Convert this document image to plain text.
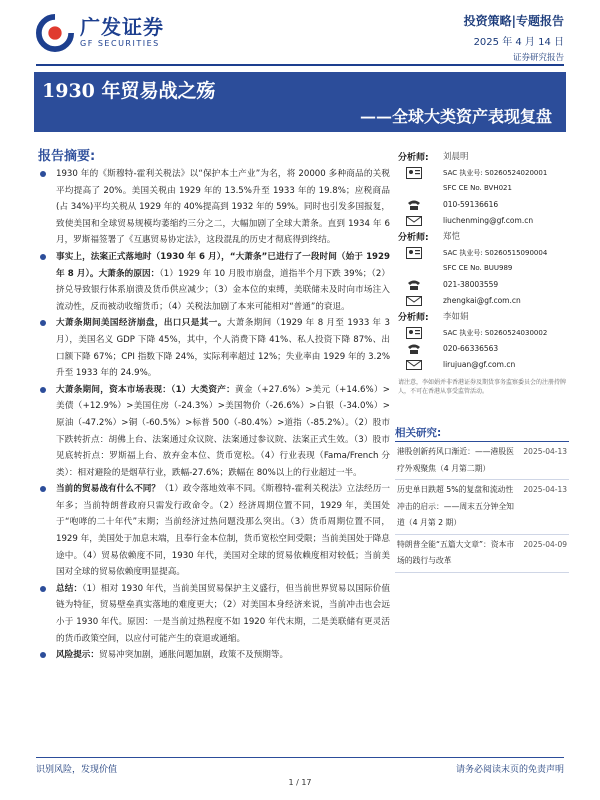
广发证券
GF SECURITIES
投资策略|专题报告
2025 年 4 月 14 日
证券研究报告
1930 年贸易战之殇
——全球大类资产表现复盘
报告摘要:
1930 年的《斯穆特-霍利关税法》以“保护本土产业”为名，将 20000 多种商品的关税平均提高了 20%。美国关税由 1929 年的 13.5%升至 1933 年的 19.8%；应税商品(占 34%)平均关税从 1929 年的 40%提高到 1932 年的 59%。同时也引发多国报复，致使美国和全球贸易规模均萎缩约三分之二，大幅加剧了全球大萧条。直到 1934 年 6 月，罗斯福签署了《互惠贸易协定法》，这段混乱的历史才彻底得到终结。
事实上，法案正式落地时（1930 年 6 月），“大萧条”已进行了一段时间（始于 1929 年 8 月）。大萧条的原因：（1）1929 年 10 月股市崩盘，道指半个月下跌 39%；（2）挤兑导致银行体系崩溃及货币供应减少；（3）金本位的束缚，美联储未及时向市场注入流动性，反而被动收缩货币；（4）关税法加剧了本来可能相对“普通”的衰退。
大萧条期间美国经济崩盘，出口只是其一。大萧条期间（1929 年 8 月至 1933 年 3 月），美国名义 GDP 下降 45%，其中，个人消费下降 41%、私人投资下降 87%、出口额下降 67%；CPI 指数下降 24%，实际利率超过 12%；失业率由 1929 年的 3.2%升至 1933 年的 24.9%。
大萧条期间，资本市场表现：（1）大类资产：黄金（+27.6%）>美元（+14.6%）>美债（+12.9%）>美国住房（-24.3%）>美国物价（-26.6%）>白银（-34.0%）>原油（-47.2%）>铜（-60.5%）>标普 500（-80.4%）>道指（-85.2%）。（2）股市下跌转折点：胡佛上台、法案通过众议院、法案通过参议院、法案正式生效。（3）股市见底转折点：罗斯福上台、放弃金本位、货币宽松。（4）行业表现（Fama/French 分类）：相对避险的是烟草行业，跌幅-27.6%；跌幅在 80%以上的行业超过一半。
当前的贸易战有什么不同？（1）政令落地效率不同。《斯穆特-霍利关税法》立法经历一年多；当前特朗普政府只需发行政命令。（2）经济周期位置不同，1929 年，美国处于“咆哮的二十年代”末期；当前经济过热问题没那么突出。（3）货币周期位置不同，1929 年，美国处于加息末端，且奉行金本位制，货币宽松空间受限；当前美国处于降息途中。（4）贸易依赖度不同，1930 年代，美国对全球的贸易依赖度相对较低；当前美国对全球的贸易依赖度明显提高。
总结：（1）相对 1930 年代，当前美国贸易保护主义盛行，但当前世界贸易以国际价值链为特征，贸易壁垒真实落地的难度更大；（2）对美国本身经济来说，当前冲击也会远小于 1930 年代。原因：一是当前过热程度不如 1920 年代末期，二是美联储有更灵活的货币政策空间，以应付可能产生的衰退或通缩。
风险提示：贸易冲突加剧，通胀问题加剧，政策不及预期等。
分析师: 刘晨明
SAC 执业号: S0260524020001
SFC CE No. BVH021
010-59136616
liuchenming@gf.com.cn
分析师: 郑恺
SAC 执业号: S0260515090004
SFC CE No. BUU989
021-38003559
zhengkai@gf.com.cn
分析师: 李如娟
SAC 执业号: S0260524030002
020-66336563
lirujuan@gf.com.cn
请注意，李如娟并非香港证券及期货事务监察委员会的注册持牌人，不可在香港从事受监管活动。
相关研究:
港股创新药风口渐近：——港股医疗外观聚焦（4 月第二期）
2025-04-13
历史单日跌超 5%的复盘和流动性冲击的启示：——周末五分钟全知道（4 月第 2 期）
2025-04-13
特朗普全能“五篇大文章”：资本市场的践行与改革
2025-04-09
识别风险，发现价值	请务必阅读末页的免责声明
1 / 17
